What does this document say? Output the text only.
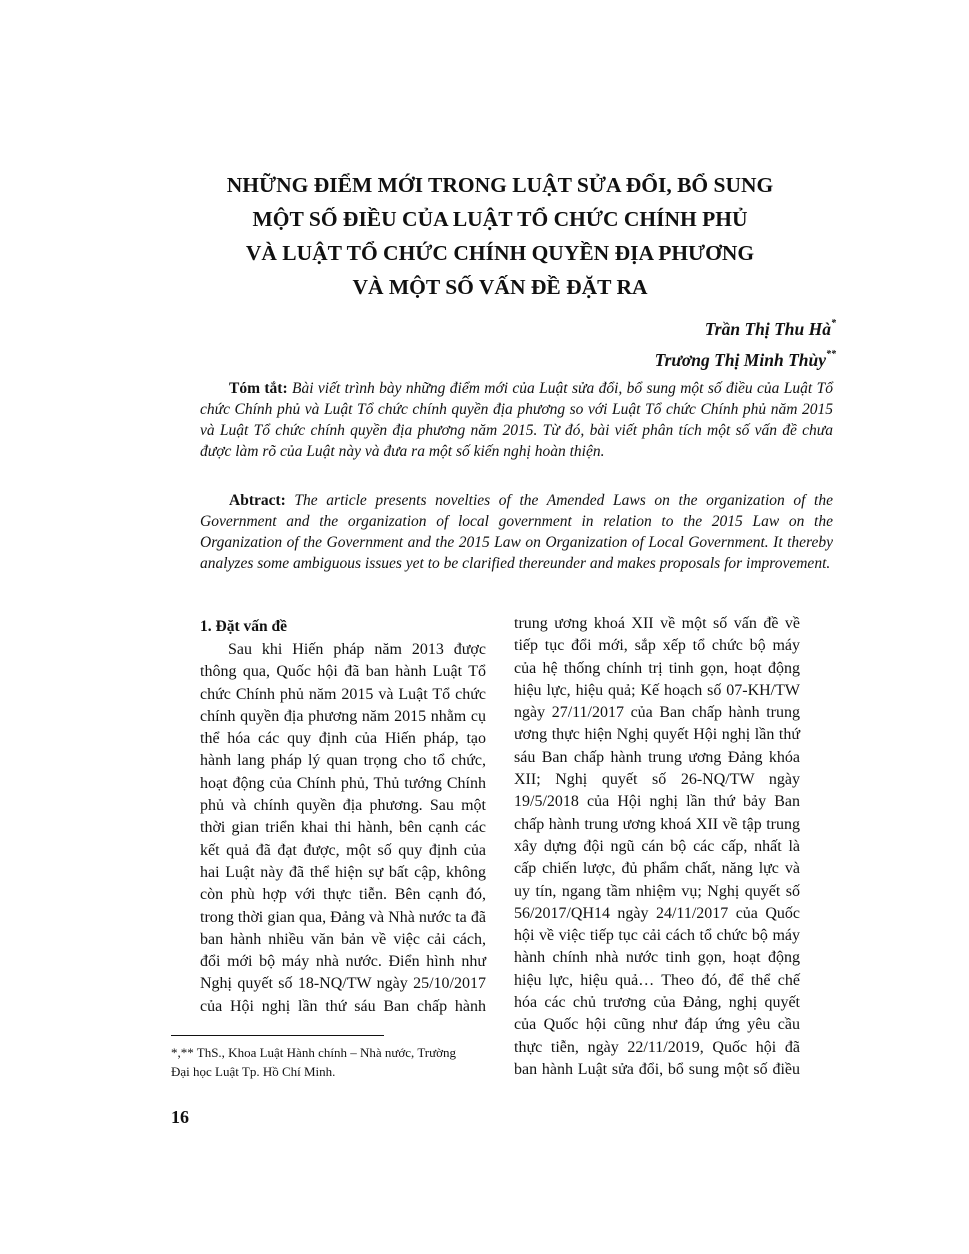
NHỮNG ĐIỂM MỚI TRONG LUẬT SỬA ĐỔI, BỔ SUNG
MỘT SỐ ĐIỀU CỦA LUẬT TỔ CHỨC CHÍNH PHỦ
VÀ LUẬT TỔ CHỨC CHÍNH QUYỀN ĐỊA PHƯƠNG
VÀ MỘT SỐ VẤN ĐỀ ĐẶT RA
Trần Thị Thu Hà*
Trương Thị Minh Thùy**
Tóm tắt: Bài viết trình bày những điểm mới của Luật sửa đổi, bổ sung một số điều của Luật Tổ chức Chính phủ và Luật Tổ chức chính quyền địa phương so với Luật Tổ chức Chính phủ năm 2015 và Luật Tổ chức chính quyền địa phương năm 2015. Từ đó, bài viết phân tích một số vấn đề chưa được làm rõ của Luật này và đưa ra một số kiến nghị hoàn thiện.
Abtract: The article presents novelties of the Amended Laws on the organization of the Government and the organization of local government in relation to the 2015 Law on the Organization of the Government and the 2015 Law on Organization of Local Government. It thereby analyzes some ambiguous issues yet to be clarified thereunder and makes proposals for improvement.
1. Đặt vấn đề
Sau khi Hiến pháp năm 2013 được
thông qua, Quốc hội đã ban hành Luật Tổ
chức Chính phủ năm 2015 và Luật Tổ chức
chính quyền địa phương năm 2015 nhằm cụ
thể hóa các quy định của Hiến pháp, tạo
hành lang pháp lý quan trọng cho tổ chức,
hoạt động của Chính phủ, Thủ tướng Chính
phủ và chính quyền địa phương. Sau một
thời gian triển khai thi hành, bên cạnh các
kết quả đã đạt được, một số quy định của
hai Luật này đã thể hiện sự bất cập, không
còn phù hợp với thực tiễn. Bên cạnh đó,
trong thời gian qua, Đảng và Nhà nước ta đã
ban hành nhiều văn bản về việc cải cách,
đổi mới bộ máy nhà nước. Điển hình như
Nghị quyết số 18-NQ/TW ngày 25/10/2017
của Hội nghị lần thứ sáu Ban chấp hành
trung ương khoá XII về một số vấn đề về
tiếp tục đổi mới, sắp xếp tổ chức bộ máy
của hệ thống chính trị tinh gọn, hoạt động
hiệu lực, hiệu quả; Kế hoạch số 07-KH/TW
ngày 27/11/2017 của Ban chấp hành trung
ương thực hiện Nghị quyết Hội nghị lần thứ
sáu Ban chấp hành trung ương Đảng khóa
XII; Nghị quyết số 26-NQ/TW ngày
19/5/2018 của Hội nghị lần thứ bảy Ban
chấp hành trung ương khoá XII về tập trung
xây dựng đội ngũ cán bộ các cấp, nhất là
cấp chiến lược, đủ phẩm chất, năng lực và
uy tín, ngang tầm nhiệm vụ; Nghị quyết số
56/2017/QH14 ngày 24/11/2017 của Quốc
hội về việc tiếp tục cải cách tổ chức bộ máy
hành chính nhà nước tinh gọn, hoạt động
hiệu lực, hiệu quả… Theo đó, để thể chế
hóa các chủ trương của Đảng, nghị quyết
của Quốc hội cũng như đáp ứng yêu cầu
thực tiễn, ngày 22/11/2019, Quốc hội đã
ban hành Luật sửa đổi, bổ sung một số điều
*,** ThS., Khoa Luật Hành chính – Nhà nước, Trường
Đại học Luật Tp. Hồ Chí Minh.
16
